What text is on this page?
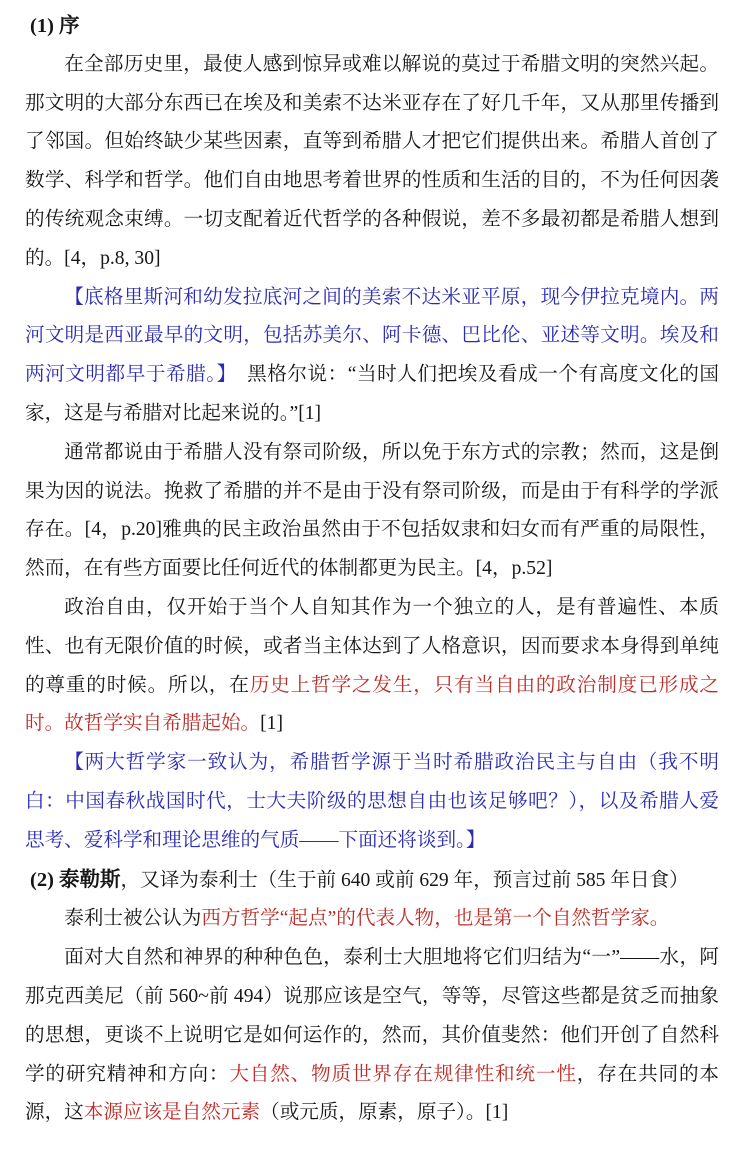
(1) 序

在全部历史里，最使人感到惊异或难以解说的莫过于希腊文明的突然兴起。那文明的大部分东西已在埃及和美索不达米亚存在了好几千年，又从那里传播到了邻国。但始终缺少某些因素，直等到希腊人才把它们提供出来。希腊人首创了数学、科学和哲学。他们自由地思考着世界的性质和生活的目的，不为任何因袭的传统观念束缚。一切支配着近代哲学的各种假说，差不多最初都是希腊人想到的。[4，p.8, 30]

【底格里斯河和幼发拉底河之间的美索不达米亚平原，现今伊拉克境内。两河文明是西亚最早的文明，包括苏美尔、阿卡德、巴比伦、亚述等文明。埃及和两河文明都早于希腊。】　黑格尔说：“当时人们把埃及看成一个有高度文化的国家，这是与希腊对比起来说的。”[1]

通常都说由于希腊人没有祭司阶级，所以免于东方式的宗教；然而，这是倒果为因的说法。挽救了希腊的并不是由于没有祭司阶级，而是由于有科学的学派存在。[4，p.20]雅典的民主政治虽然由于不包括奴隶和妇女而有严重的局限性，然而，在有些方面要比任何近代的体制都更为民主。[4，p.52]

政治自由，仅开始于当个人自知其作为一个独立的人，是有普遍性、本质性、也有无限价值的时候，或者当主体达到了人格意识，因而要求本身得到单纯的尊重的时候。所以，在历史上哲学之发生，只有当自由的政治制度已形成之时。故哲学实自希腊起始。[1]

【两大哲学家一致认为，希腊哲学源于当时希腊政治民主与自由（我不明白：中国春秋战国时代，士大夫阶级的思想自由也该足够吧？），以及希腊人爱思考、爱科学和理论思维的气质——下面还将谈到。】

(2) 泰勒斯，又译为泰利士（生于前 640 或前 629 年，预言过前 585 年日食）

泰利士被公认为西方哲学“起点”的代表人物，也是第一个自然哲学家。

面对大自然和神界的种种色色，泰利士大胆地将它们归结为“一”——水，阿那克西美尼（前 560~前 494）说那应该是空气，等等，尽管这些都是贫乏而抽象的思想，更谈不上说明它是如何运作的，然而，其价值斐然：他们开创了自然科学的研究精神和方向：大自然、物质世界存在规律性和统一性，存在共同的本源，这本源应该是自然元素（或元质，原素，原子）。[1]
